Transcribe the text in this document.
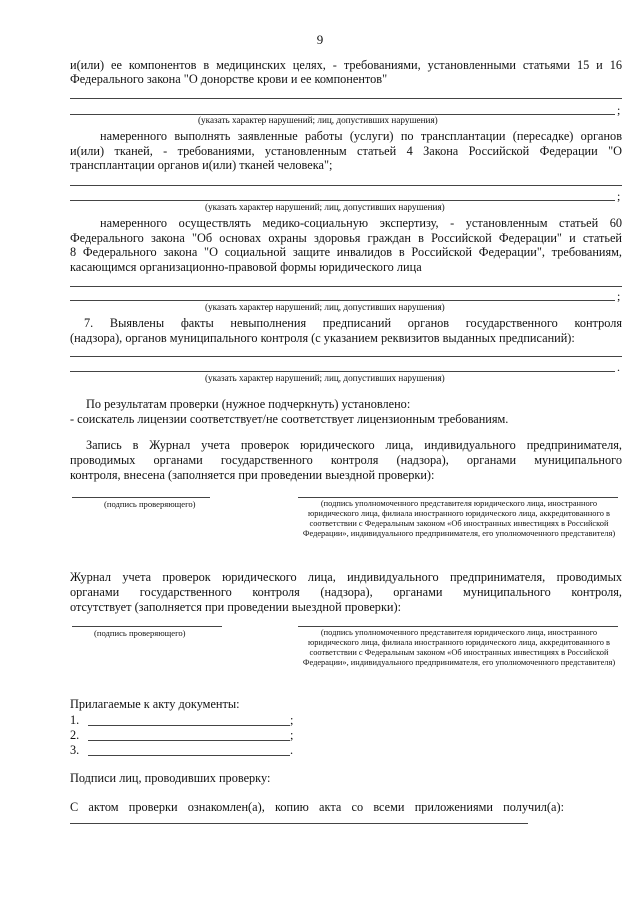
9
и(или) ее компонентов в медицинских целях, - требованиями, установленными статьями 15 и 16
Федерального закона "О донорстве крови и ее компонентов"
;
(указать характер нарушений; лиц, допустивших нарушения)
намеренного выполнять заявленные работы (услуги) по трансплантации (пересадке) органов
и(или) тканей, - требованиями, установленным статьей 4 Закона Российской Федерации "О
трансплантации органов и(или) тканей человека";
;
(указать характер нарушений; лиц, допустивших нарушения)
намеренного осуществлять медико-социальную экспертизу, - установленным статьей 60
Федерального закона "Об основах охраны здоровья граждан в Российской Федерации" и статьей
8 Федерального закона "О социальной защите инвалидов в Российской Федерации", требованиям,
касающимся организационно-правовой формы юридического лица
;
(указать характер нарушений; лиц, допустивших нарушения)
7. Выявлены факты невыполнения предписаний органов государственного контроля
(надзора), органов муниципального контроля (с указанием реквизитов выданных предписаний):
.
(указать характер нарушений; лиц, допустивших нарушения)
По результатам проверки (нужное подчеркнуть) установлено:
- соискатель лицензии соответствует/не соответствует лицензионным требованиям.
Запись в Журнал учета проверок юридического лица, индивидуального предпринимателя,
проводимых органами государственного контроля (надзора), органами муниципального
контроля, внесена (заполняется при проведении выездной проверки):
(подпись проверяющего)	(подпись уполномоченного представителя юридического лица, иностранного юридического лица, филиала иностранного юридического лица, аккредитованного в соответствии с Федеральным законом «Об иностранных инвестициях в Российской Федерации», индивидуального предпринимателя, его уполномоченного представителя)
Журнал учета проверок юридического лица, индивидуального предпринимателя, проводимых
органами государственного контроля (надзора), органами муниципального контроля,
отсутствует (заполняется при проведении выездной проверки):
(подпись проверяющего)	(подпись уполномоченного представителя юридического лица, иностранного юридического лица, филиала иностранного юридического лица, аккредитованного в соответствии с Федеральным законом «Об иностранных инвестициях в Российской Федерации», индивидуального предпринимателя, его уполномоченного представителя)
Прилагаемые к акту документы:
1.	;
2.	;
3.	.
Подписи лиц, проводивших проверку:
С актом проверки ознакомлен(а), копию акта со всеми приложениями получил(а):
